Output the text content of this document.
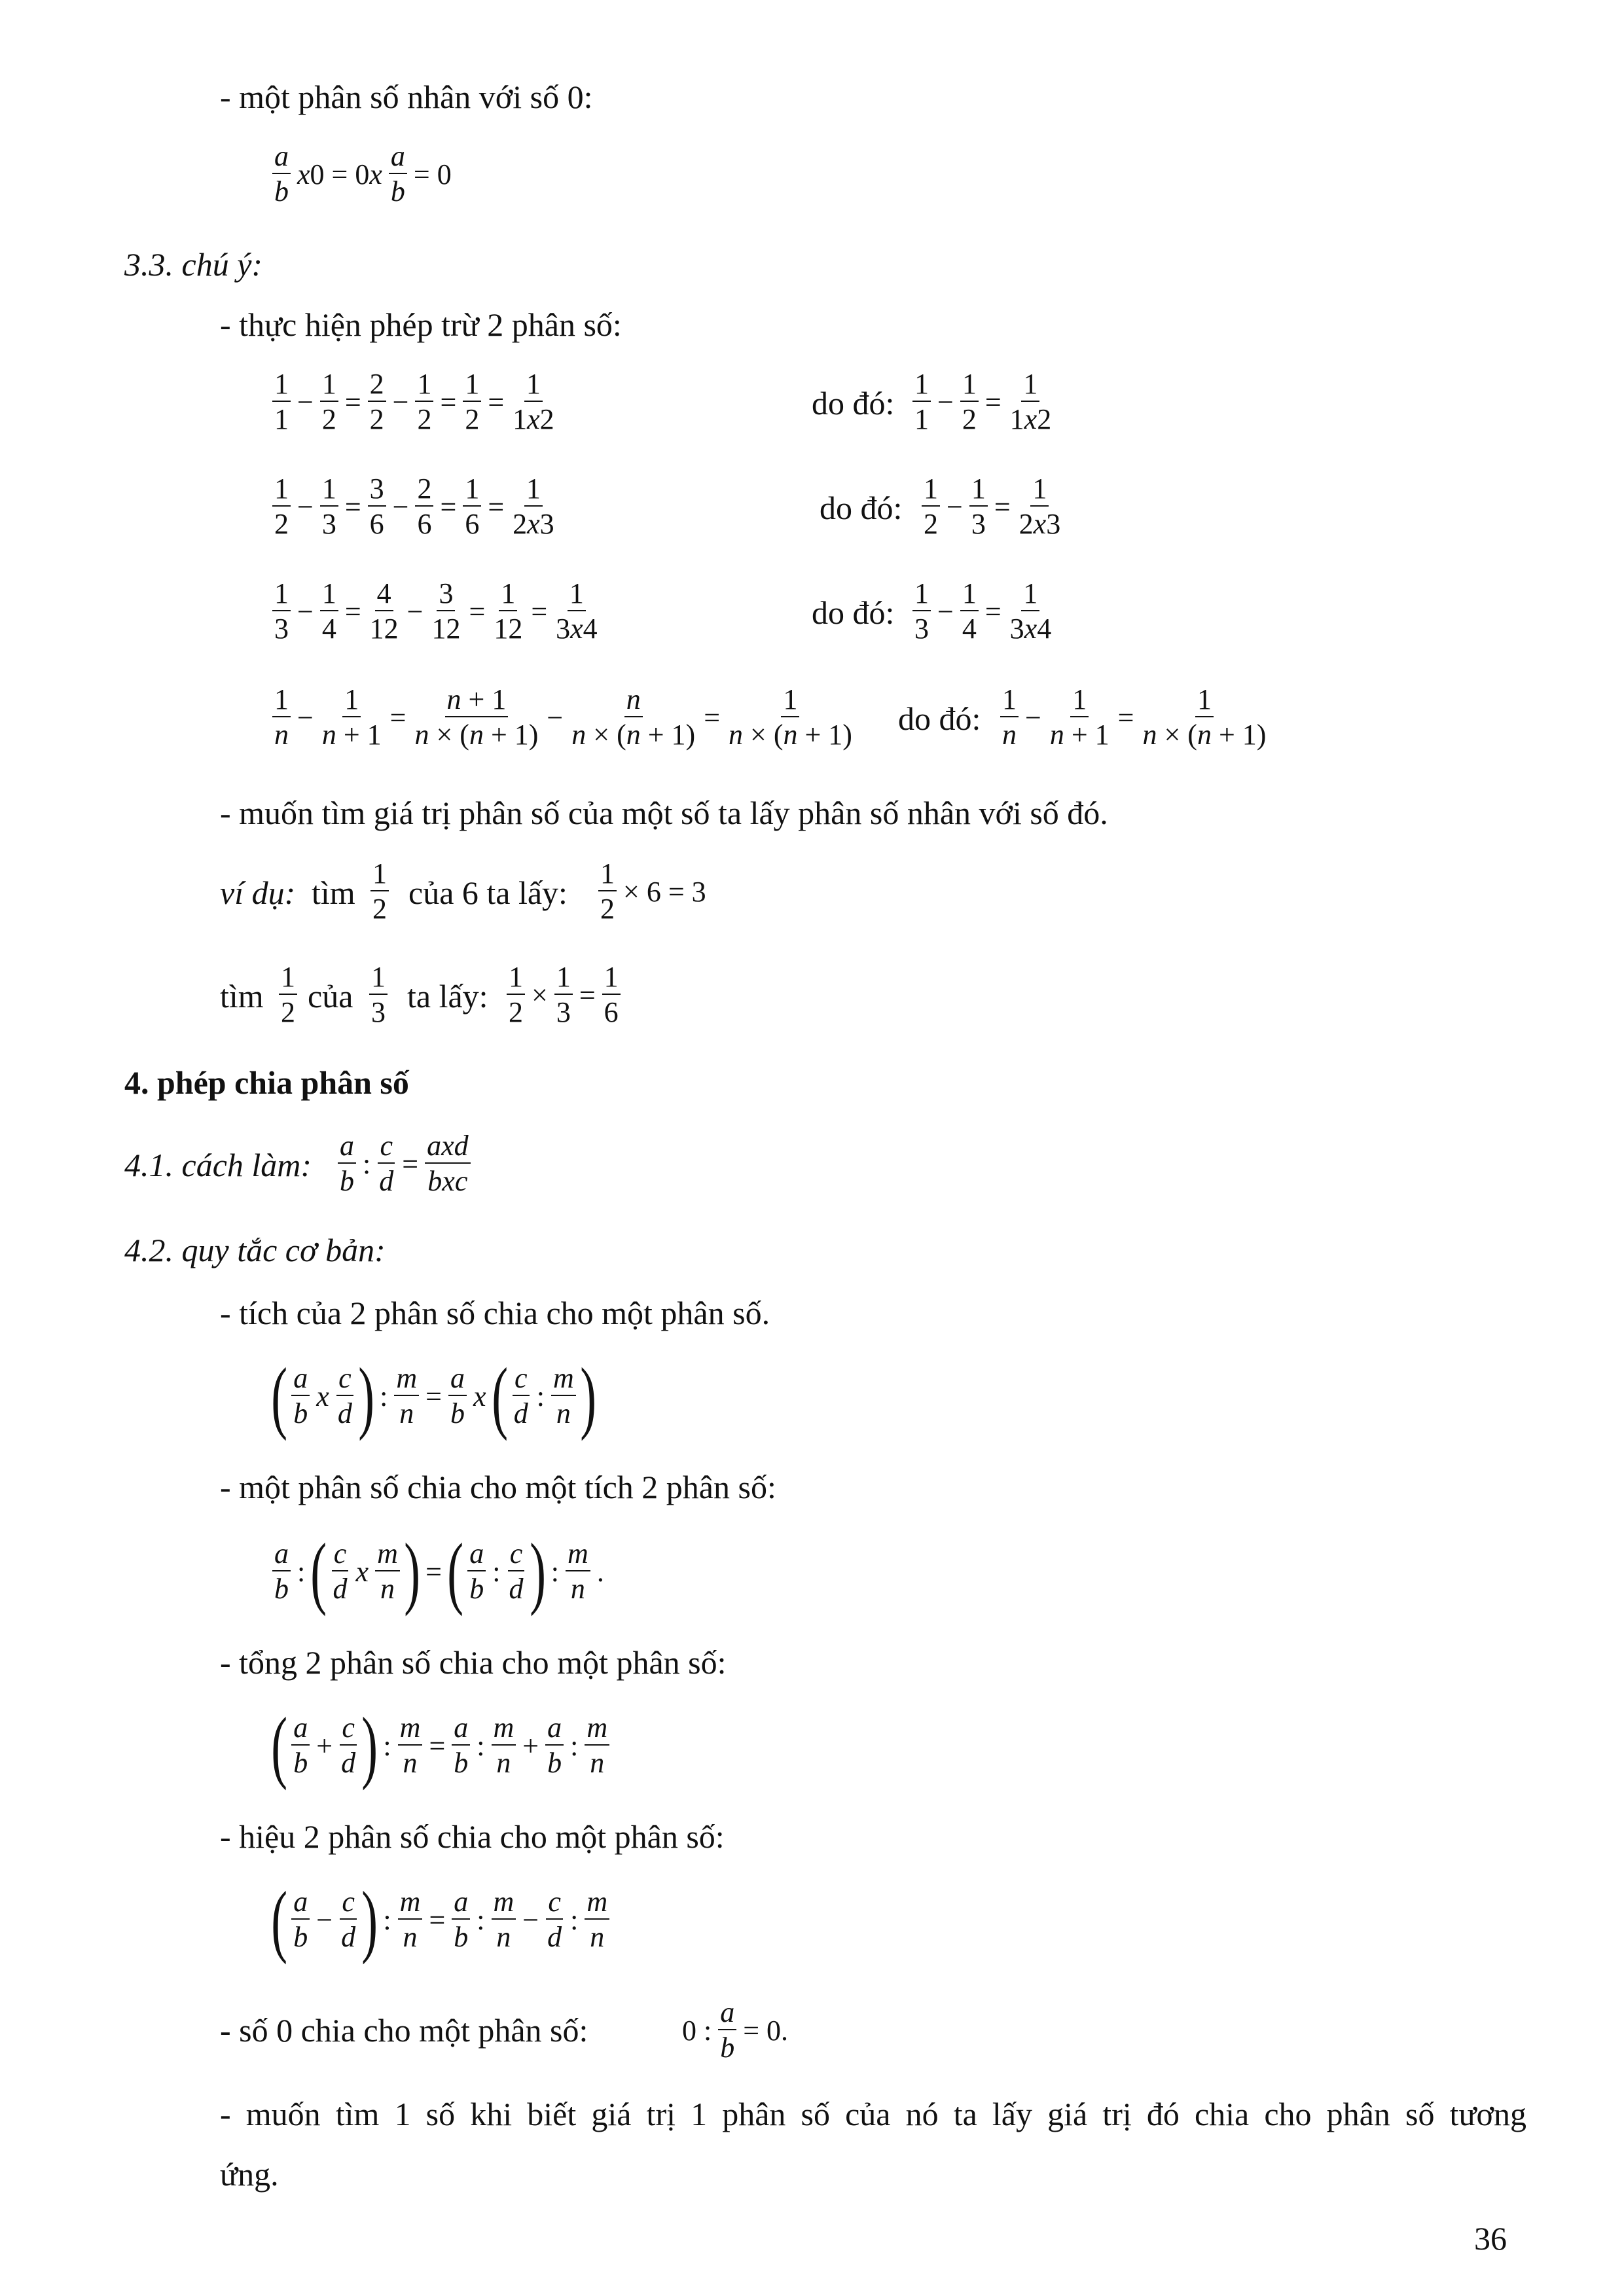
- một phân số nhân với số 0:
$\frac{a}{b} x0 = 0x \frac{a}{b} = 0$
3.3. chú ý:
- thực hiện phép trừ 2 phân số:
$\frac{1}{1} - \frac{1}{2} = \frac{2}{2} - \frac{1}{2} = \frac{1}{2} = \frac{1}{1x2}$	do đó: $\frac{1}{1} - \frac{1}{2} = \frac{1}{1x2}$
$\frac{1}{2} - \frac{1}{3} = \frac{3}{6} - \frac{2}{6} = \frac{1}{6} = \frac{1}{2x3}$	do đó: $\frac{1}{2} - \frac{1}{3} = \frac{1}{2x3}$
$\frac{1}{3} - \frac{1}{4} = \frac{4}{12} - \frac{3}{12} = \frac{1}{12} = \frac{1}{3x4}$	do đó: $\frac{1}{3} - \frac{1}{4} = \frac{1}{3x4}$
$\frac{1}{n} - \frac{1}{n + 1} = \frac{n + 1}{n \times (n + 1)} - \frac{n}{n \times (n + 1)} = \frac{1}{n \times (n + 1)}$ do đó: $\frac{1}{n} - \frac{1}{n + 1} = \frac{1}{n \times (n + 1)}$
- muốn tìm giá trị phân số của một số ta lấy phân số nhân với số đó.
ví dụ: tìm $\frac{1}{2}$ của 6 ta lấy: $\frac{1}{2} \times 6 = 3$
tìm $\frac{1}{2}$ của $\frac{1}{3}$ ta lấy: $\frac{1}{2} \times \frac{1}{3} = \frac{1}{6}$
4. phép chia phân số
4.1. cách làm: $\frac{a}{b}$ : $\frac{c}{d} = \frac{\text{axd}}{\text{bxc}}$
4.2. quy tắc cơ bản:
- tích của 2 phân số chia cho một phân số.
( $\frac{a}{b}$ x $\frac{c}{d}$ ) : $\frac{m}{n} = \frac{a}{b} x( \frac{c}{d}$ : $\frac{m}{n}$ )
- một phân số chia cho một tích 2 phân số:
$\frac{a}{b}$ :( $\frac{c}{d}$ x $\frac{m}{n}$ ) =( $\frac{a}{b}$ : $\frac{c}{d}$ ) : $\frac{m}{n}$ .
- tổng 2 phân số chia cho một phân số:
( $\frac{a}{b} + \frac{c}{d}$ ) : $\frac{m}{n} = \frac{a}{b}$ : $\frac{m}{n} + \frac{a}{b}$ : $\frac{m}{n}$
- hiệu 2 phân số chia cho một phân số:
( $\frac{a}{b} - \frac{c}{d}$ ) : $\frac{m}{n} = \frac{a}{b}$ : $\frac{m}{n} - \frac{c}{d}$ : $\frac{m}{n}$
- số 0 chia cho một phân số:	0 : $\frac{a}{b} = 0$.
- muốn tìm 1 số khi biết giá trị 1 phân số của nó ta lấy giá trị đó chia cho phân số tương
ứng.
36
